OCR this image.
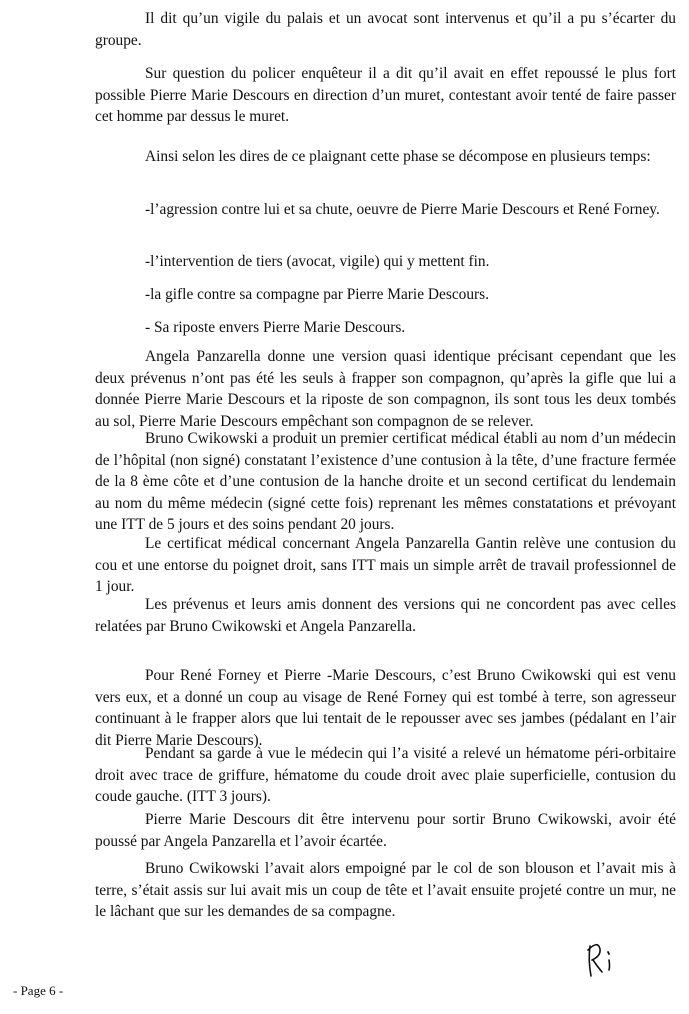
Il dit qu’un vigile du palais et un avocat sont intervenus et qu’il a pu s’écarter du groupe.
Sur question du policer enquêteur il a dit qu’il avait en effet repoussé le plus fort possible Pierre Marie Descours en direction d’un muret, contestant avoir tenté de faire passer cet homme par dessus le muret.
Ainsi selon les dires de ce plaignant cette phase se décompose en plusieurs temps:
-l’agression contre lui et sa chute, oeuvre de Pierre Marie Descours et René Forney.
-l’intervention de tiers (avocat, vigile) qui y mettent fin.
-la gifle contre sa compagne par Pierre Marie Descours.
- Sa riposte envers Pierre Marie Descours.
Angela Panzarella donne une version quasi identique précisant cependant que les deux prévenus n’ont pas été les seuls à frapper son compagnon, qu’après la gifle que lui a donnée Pierre Marie Descours et la riposte de son compagnon, ils sont tous les deux tombés au sol, Pierre Marie Descours empêchant son compagnon de se relever.
Bruno Cwikowski a produit un premier certificat médical établi au nom d’un médecin de l’hôpital (non signé) constatant l’existence d’une contusion à la tête, d’une fracture fermée de la 8 ème côte et d’une contusion de la hanche droite et un second certificat du lendemain au nom du même médecin (signé cette fois) reprenant les mêmes constatations et prévoyant une ITT de 5 jours et des soins pendant 20 jours.
Le certificat médical concernant Angela Panzarella Gantin relève une contusion du cou et une entorse du poignet droit, sans ITT mais un simple arrêt de travail professionnel de 1 jour.
Les prévenus et leurs amis donnent des versions qui ne concordent pas avec celles relatées par Bruno Cwikowski et Angela Panzarella.
Pour René Forney et Pierre -Marie Descours, c’est Bruno Cwikowski qui est venu vers eux, et a donné un coup au visage de René Forney qui est tombé à terre, son agresseur continuant à le frapper alors que lui tentait de le repousser avec ses jambes (pédalant en l’air dit Pierre Marie Descours).
Pendant sa garde à vue le médecin qui l’a visité a relevé un hématome péri-orbitaire droit avec trace de griffure, hématome du coude droit avec plaie superficielle, contusion du coude gauche. (ITT 3 jours).
Pierre Marie Descours dit être intervenu pour sortir Bruno Cwikowski, avoir été poussé par Angela Panzarella et l’avoir écartée.
Bruno Cwikowski l’avait alors empoigné par le col de son blouson et l’avait mis à terre, s’était assis sur lui avait mis un coup de tête et l’avait ensuite projeté contre un mur, ne le lâchant que sur les demandes de sa compagne.
- Page 6 -
